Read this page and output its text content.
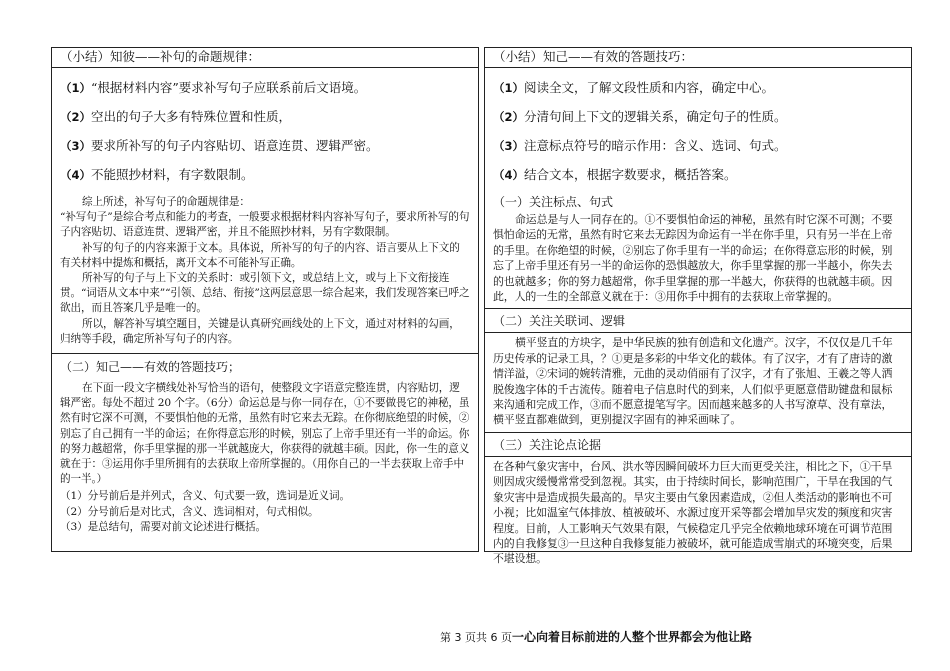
（小结）知彼——补句的命题规律：

（1）“根据材料内容”要求补写句子应联系前后文语境。

（2）空出的句子大多有特殊位置和性质，

（3）要求所补写的句子内容贴切、语意连贯、逻辑严密。

（4）不能照抄材料，有字数限制。

综上所述，补写句子的命题规律是：

“补写句子”是综合考点和能力的考查，一般要求根据材料内容补写句子，要求所补写的句子内容贴切、语意连贯、逻辑严密，并且不能照抄材料，另有字数限制。

补写的句子的内容来源于文本。具体说，所补写的句子的内容、语言要从上下文的有关材料中提炼和概括，离开文本不可能补写正确。

所补写的句子与上下文的关系时：或引领下文，或总结上文，或与上下文衔接连贯。“词语从文本中来”“引领、总结、衔接”这两层意思一综合起来，我们发现答案已呼之欲出，而且答案几乎是唯一的。

所以，解答补写填空题目，关键是认真研究画线处的上下文，通过对材料的勾画，归纳等手段，确定所补写句子的内容。

（二）知己——有效的答题技巧；

在下面一段文字横线处补写恰当的语句，使整段文字语意完整连贯，内容贴切，逻辑严密。每处不超过 20 个字。（6分）命运总是与你一同存在，①不要做畏它的神秘，虽然有时它深不可测，不要惧怕他的无常，虽然有时它来去无踪。在你彻底绝望的时候，②别忘了自己拥有一半的命运；在你得意忘形的时候，别忘了上帝手里还有一半的命运。你的努力越超常，你手里掌握的那一半就越庞大，你获得的就越丰硕。因此，你一生的意义就在于：③运用你手里所拥有的去获取上帝所掌握的。（用你自己的一半去获取上帝手中的一半。）

（1）分号前后是并列式，含义、句式要一致，选词是近义词。

（2）分号前后是对比式，含义、选词相对，句式相似。

（3）是总结句，需要对前文论述进行概括。

（小结）知己——有效的答题技巧：

（1）阅读全文，了解文段性质和内容，确定中心。

（2）分清句间上下文的逻辑关系，确定句子的性质。

（3）注意标点符号的暗示作用：含义、选词、句式。

（4）结合文本，根据字数要求，概括答案。

（一）关注标点、句式

命运总是与人一同存在的。①不要惧怕命运的神秘，虽然有时它深不可测；不要惧怕命运的无常，虽然有时它来去无踪因为命运有一半在你手里，只有另一半在上帝的手里。在你绝望的时候，②别忘了你手里有一半的命运；在你得意忘形的时候，别忘了上帝手里还有另一半的命运你的恐惧越放大，你手里掌握的那一半越小，你失去的也就越多；你的努力越超常，你手里掌握的那一半越大，你获得的也就越丰硕。因此，人的一生的全部意义就在于：③用你手中拥有的去获取上帝掌握的。

（二）关注关联词、逻辑

横平竖直的方块字，是中华民族的独有创造和文化遗产。汉字，不仅仅是几千年历史传承的记录工具，？①更是多彩的中华文化的载体。有了汉字，才有了唐诗的激情洋溢，②宋词的婉转清雅，元曲的灵动俏丽有了汉字，才有了张旭、王羲之等人洒脱俊逸字体的千古流传。随着电子信息时代的到来，人们似乎更愿意借助键盘和鼠标来沟通和完成工作，③而不愿意提笔写字。因而越来越多的人书写潦草、没有章法，横平竖直都难做到，更别提汉字固有的神采画味了。

（三）关注论点论据

在各种气象灾害中，台风、洪水等因瞬间破坏力巨大而更受关注，相比之下，①干旱则因成灾缓慢常常受到忽视。其实，由于持续时间长，影响范围广，干旱在我国的气象灾害中是造成损失最高的。旱灾主要由气象因素造成，②但人类活动的影响也不可小视；比如温室气体排放、植被破坏、水源过度开采等都会增加旱灾发的频度和灾害程度。目前，人工影响天气效果有限，气候稳定几乎完全依赖地球环境在可调节范围内的自我修复③一旦这种自我修复能力被破坏，就可能造成雪崩式的环境突变，后果不堪设想。

第 3 页共 6 页一心向着目标前进的人整个世界都会为他让路
